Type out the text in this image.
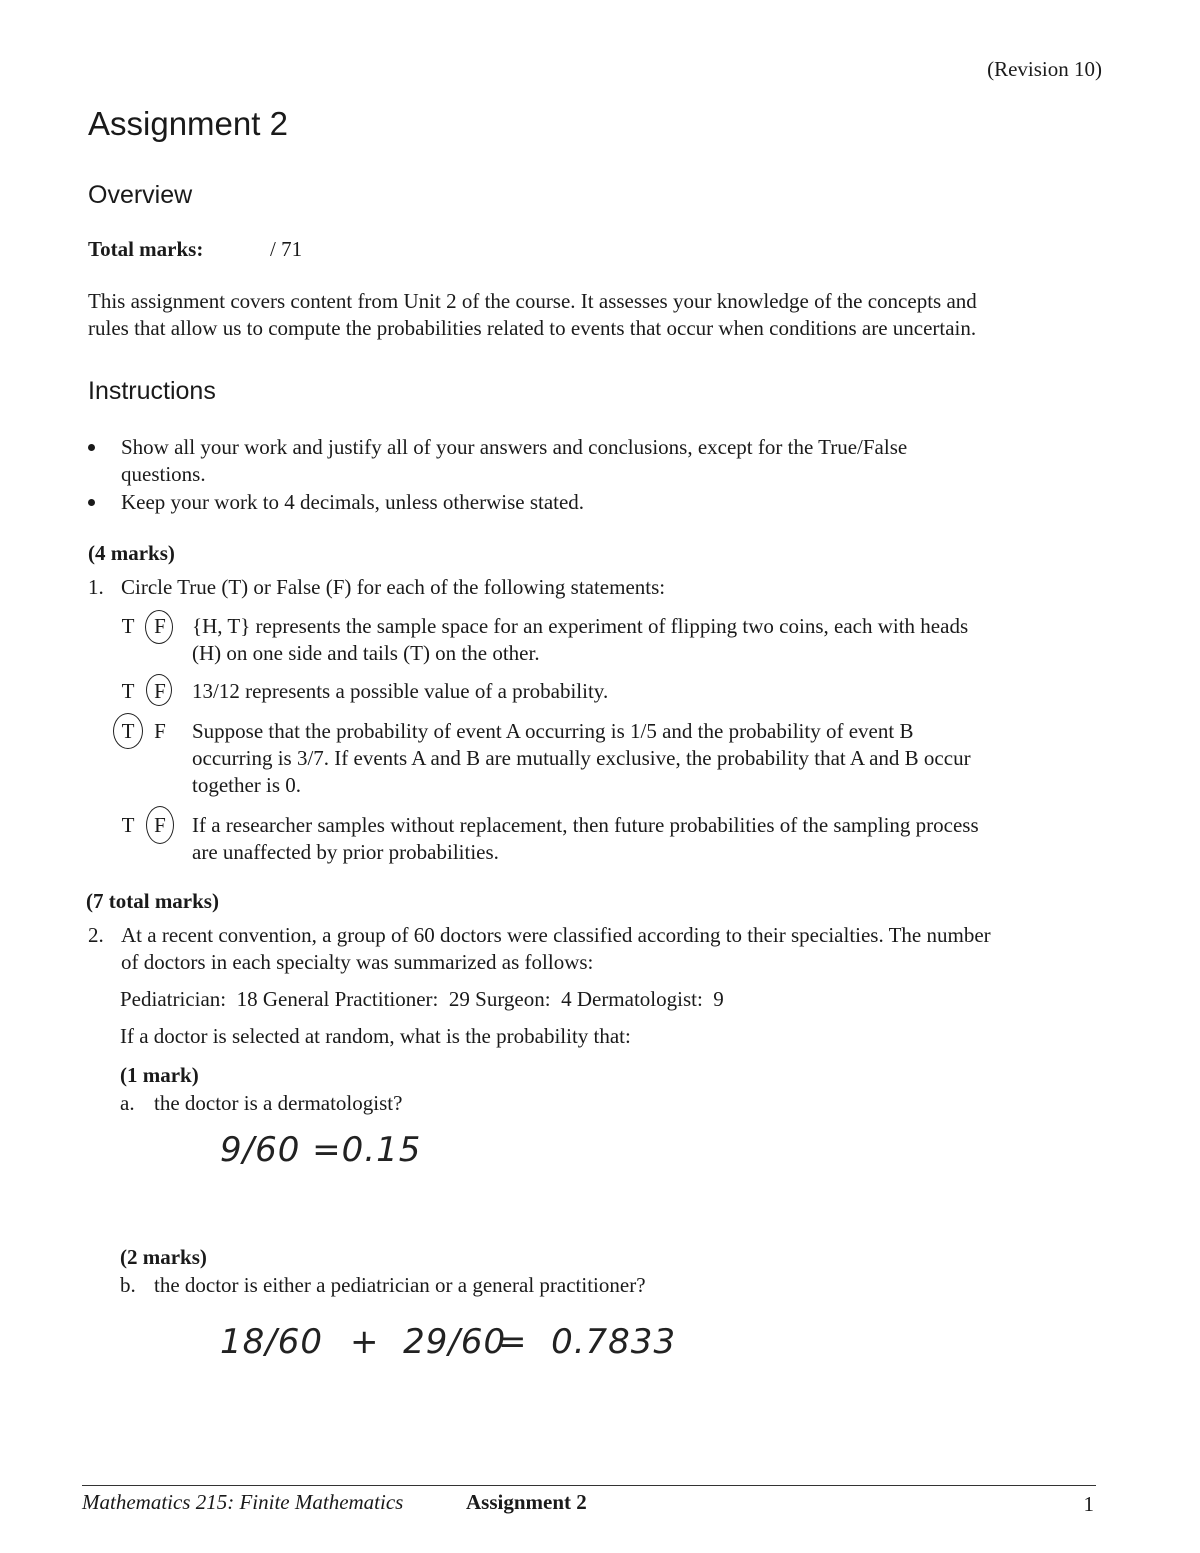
(Revision 10)
Assignment 2
Overview
Total marks:	/ 71
This assignment covers content from Unit 2 of the course. It assesses your knowledge of the concepts and
rules that allow us to compute the probabilities related to events that occur when conditions are uncertain.
Instructions
Show all your work and justify all of your answers and conclusions, except for the True/False
questions.
Keep your work to 4 decimals, unless otherwise stated.
(4 marks)
1. Circle True (T) or False (F) for each of the following statements:
T F {H, T} represents the sample space for an experiment of flipping two coins, each with heads
(H) on one side and tails (T) on the other.
T F 13/12 represents a possible value of a probability.
T F Suppose that the probability of event A occurring is 1/5 and the probability of event B
occurring is 3/7. If events A and B are mutually exclusive, the probability that A and B occur
together is 0.
T F If a researcher samples without replacement, then future probabilities of the sampling process
are unaffected by prior probabilities.
(7 total marks)
2. At a recent convention, a group of 60 doctors were classified according to their specialties. The number
of doctors in each specialty was summarized as follows:
Pediatrician:  18 General Practitioner:  29 Surgeon:  4 Dermatologist:  9
If a doctor is selected at random, what is the probability that:
(1 mark)
a. the doctor is a dermatologist?
9/60 =0.15
(2 marks)
b. the doctor is either a pediatrician or a general practitioner?
18/60 +  29/60
=  0.7833
Mathematics 215: Finite Mathematics	Assignment 2	1
